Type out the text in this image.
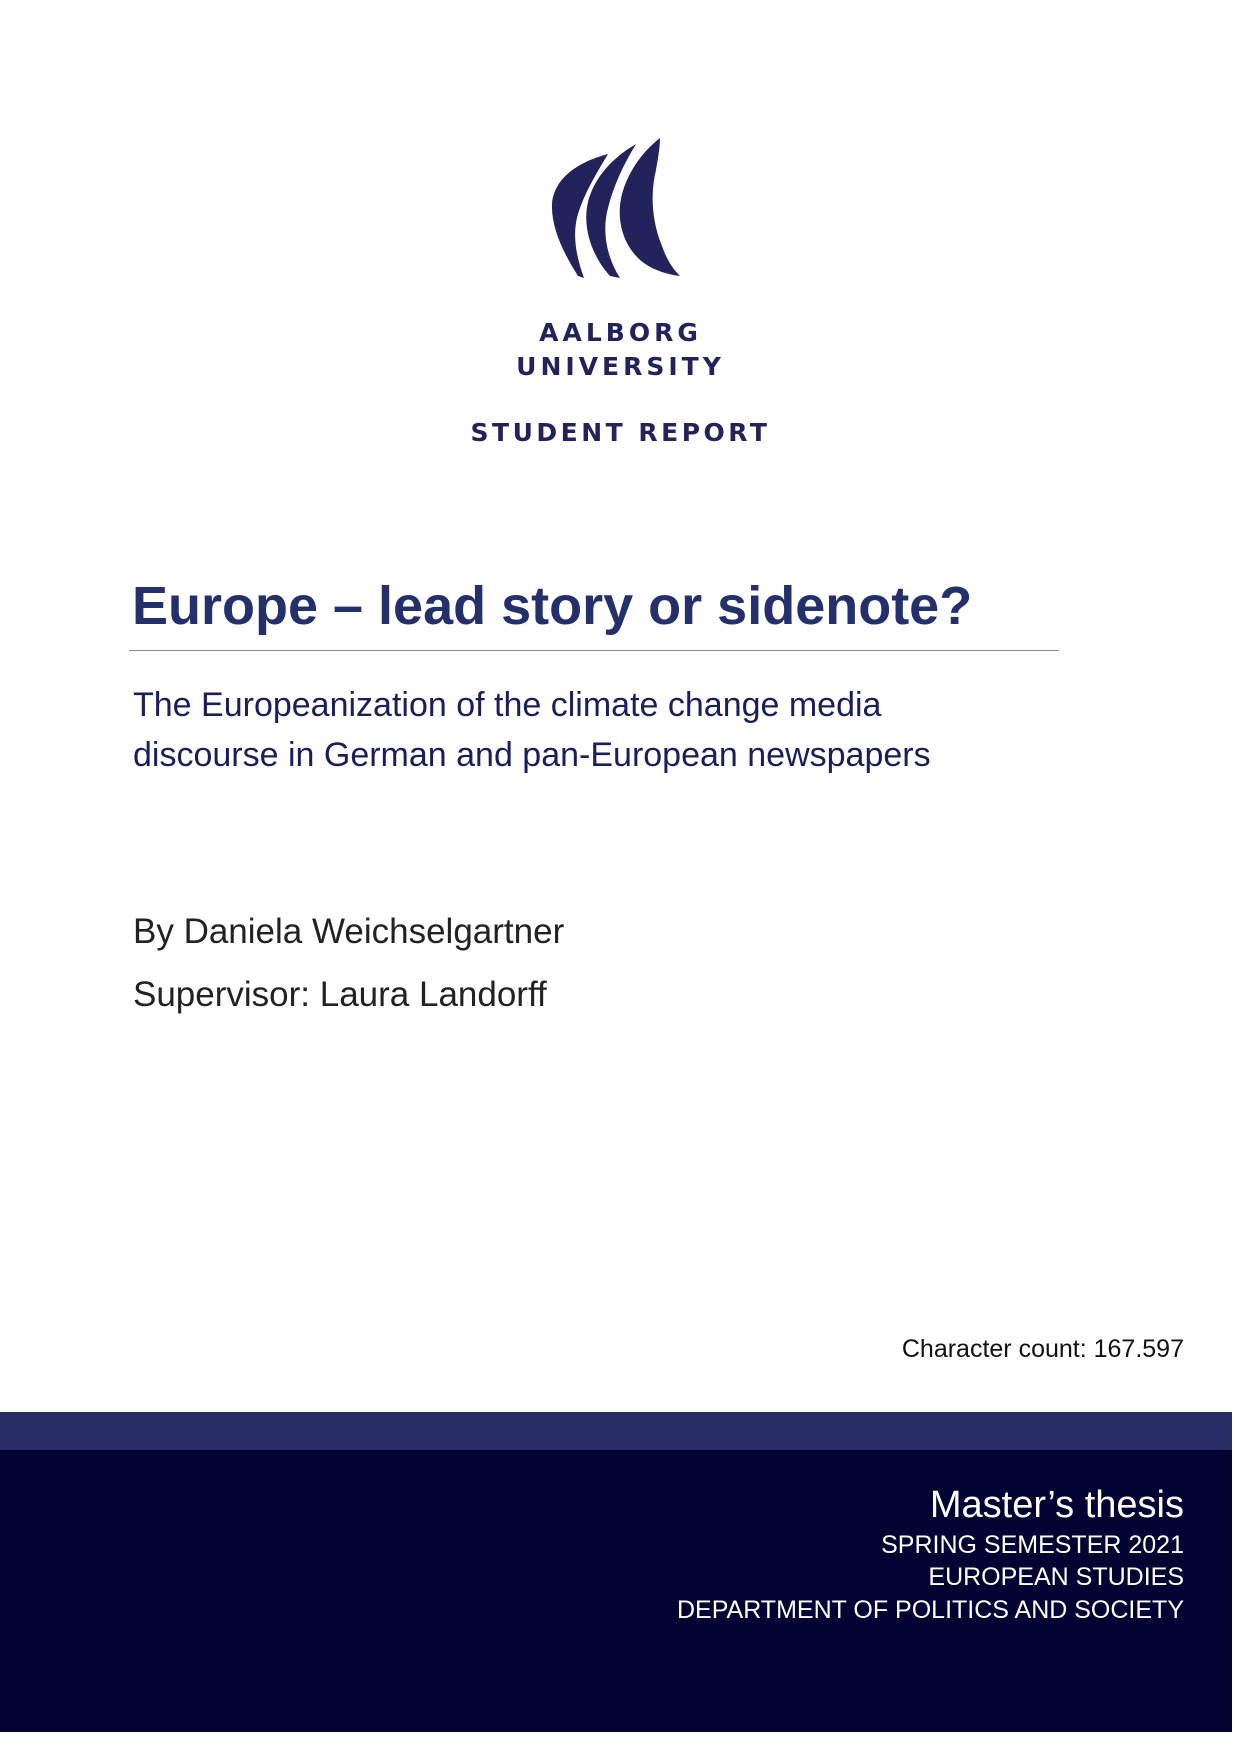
AALBORG
UNIVERSITY
STUDENT REPORT
Europe – lead story or sidenote?
The Europeanization of the climate change media
discourse in German and pan-European newspapers
By Daniela Weichselgartner
Supervisor: Laura Landorff
Character count: 167.597
Master’s thesis
SPRING SEMESTER 2021
EUROPEAN STUDIES
DEPARTMENT OF POLITICS AND SOCIETY
